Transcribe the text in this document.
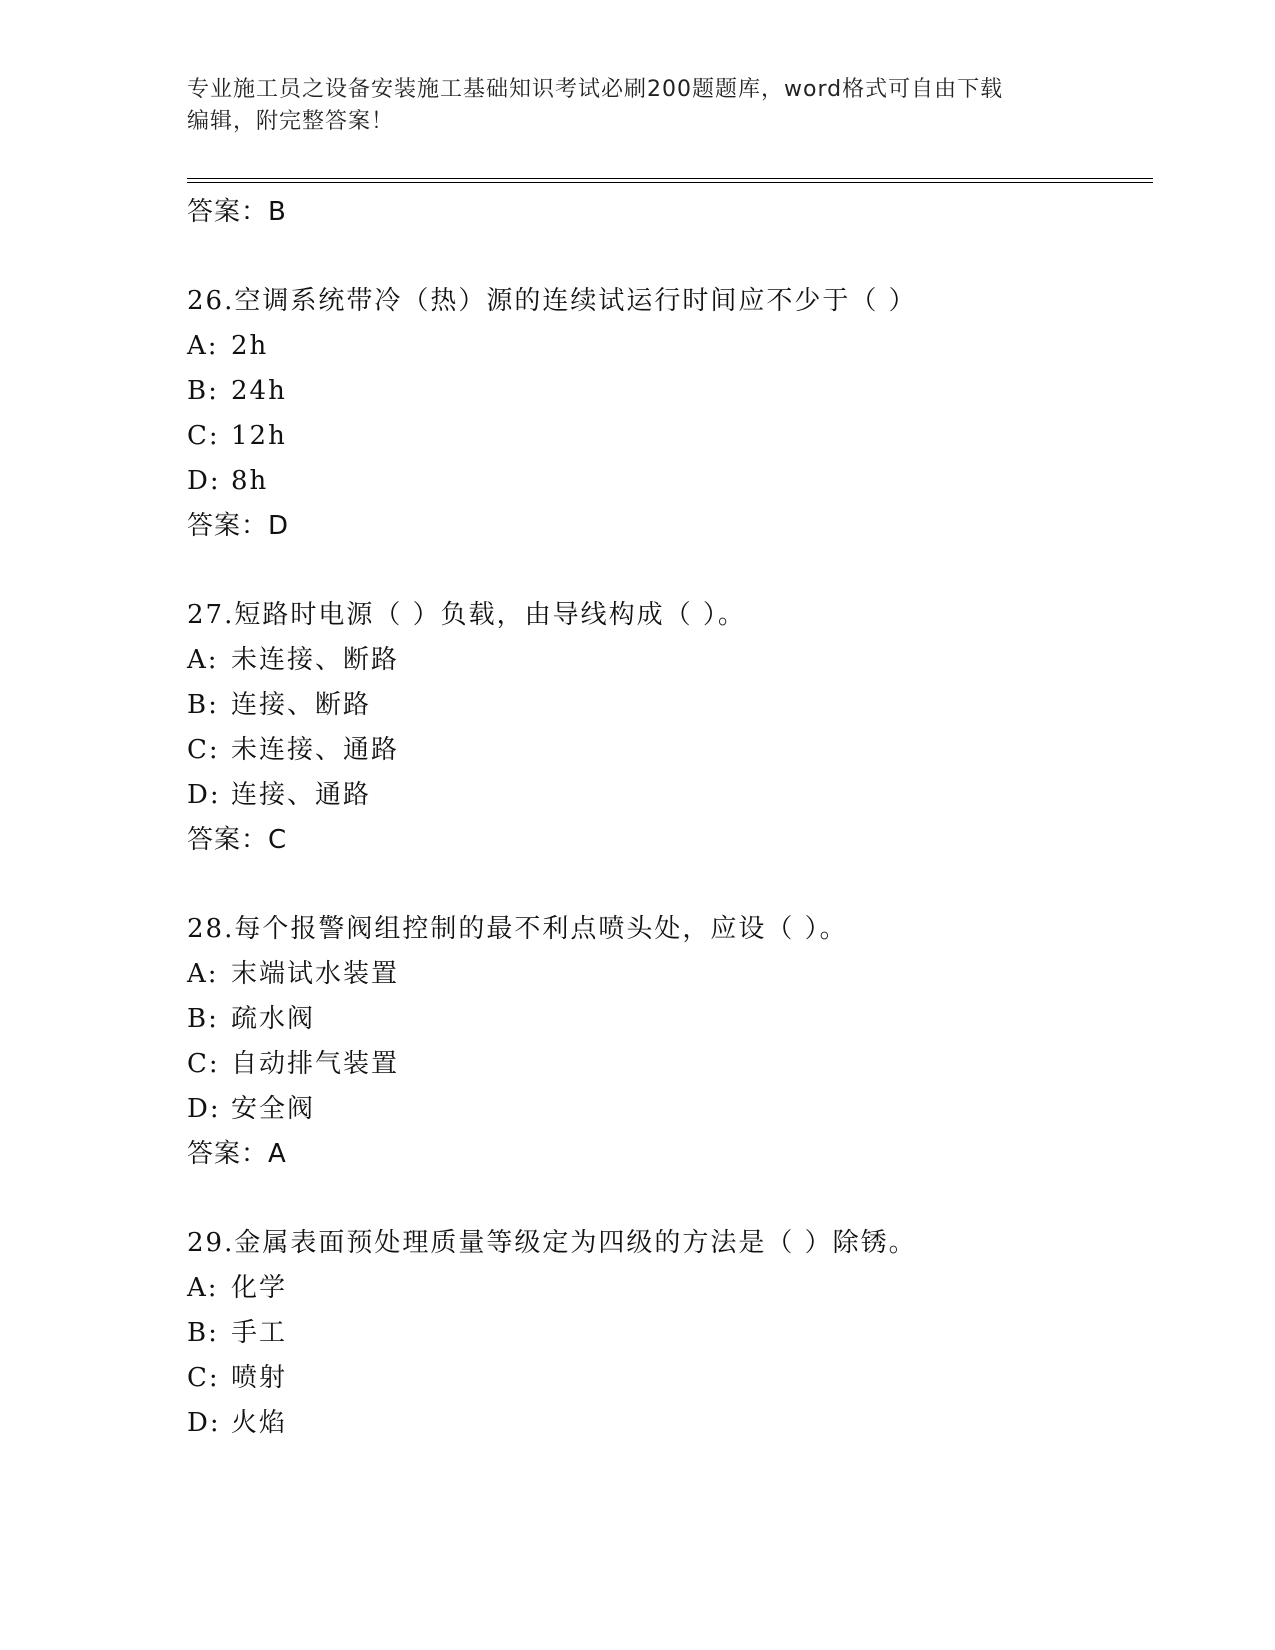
专业施工员之设备安装施工基础知识考试必刷200题题库，word格式可自由下载
编辑，附完整答案！
答案：B
26.空调系统带冷（热）源的连续试运行时间应不少于（ ）
A: 2h
B: 24h
C: 12h
D: 8h
答案：D
27.短路时电源（ ）负载，由导线构成（ ）。
A: 未连接、断路
B: 连接、断路
C: 未连接、通路
D: 连接、通路
答案：C
28.每个报警阀组控制的最不利点喷头处，应设（ ）。
A: 末端试水装置
B: 疏水阀
C: 自动排气装置
D: 安全阀
答案：A
29.金属表面预处理质量等级定为四级的方法是（ ）除锈。
A: 化学
B: 手工
C: 喷射
D: 火焰
